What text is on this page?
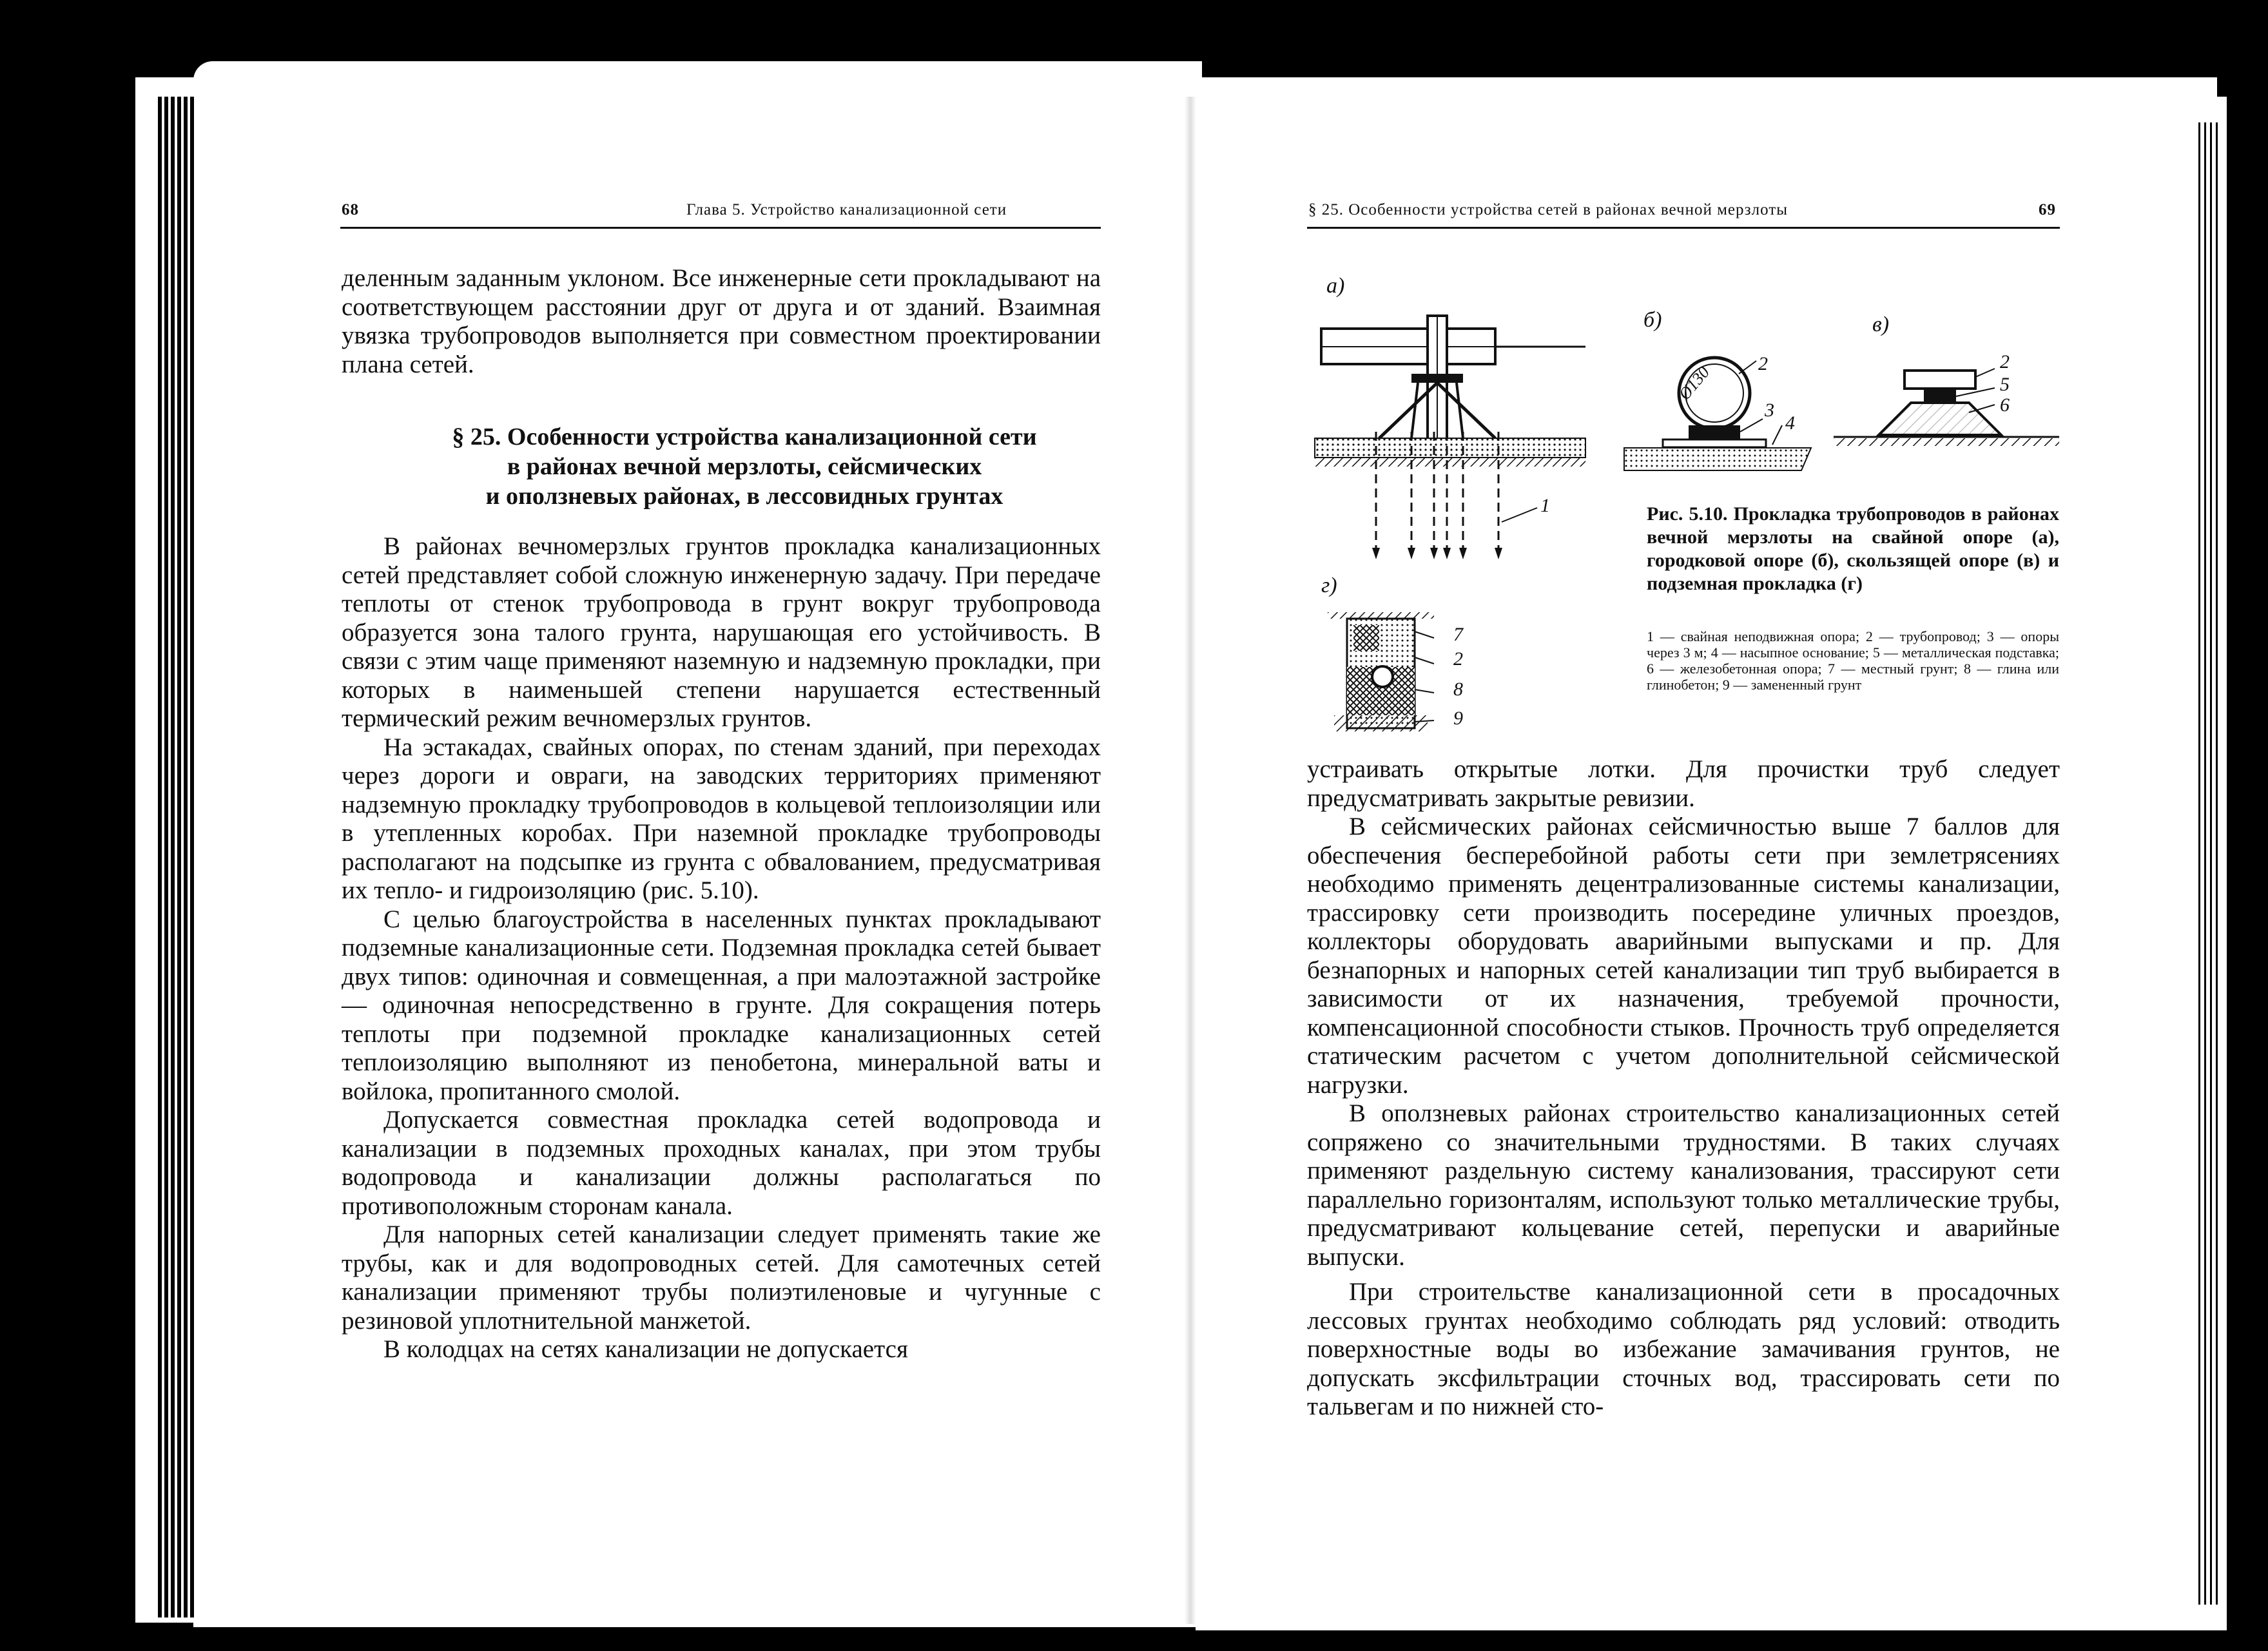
68	Глава 5. Устройство канализационной сети

деленным заданным уклоном. Все инженерные сети прокладывают на соответствующем расстоянии друг от друга и от зданий. Взаимная увязка трубопроводов выполняется при совместном проектировании плана сетей.

§ 25. Особенности устройства канализационной сети
в районах вечной мерзлоты, сейсмических
и оползневых районах, в лессовидных грунтах

В районах вечномерзлых грунтов прокладка канализационных сетей представляет собой сложную инженерную задачу. При передаче теплоты от стенок трубопровода в грунт вокруг трубопровода образуется зона талого грунта, нарушающая его устойчивость. В связи с этим чаще применяют наземную и надземную прокладки, при которых в наименьшей степени нарушается естественный термический режим вечномерзлых грунтов.

На эстакадах, свайных опорах, по стенам зданий, при переходах через дороги и овраги, на заводских территориях применяют надземную прокладку трубопроводов в кольцевой теплоизоляции или в утепленных коробах. При наземной прокладке трубопроводы располагают на подсыпке из грунта с обвалованием, предусматривая их тепло- и гидроизоляцию (рис. 5.10).

С целью благоустройства в населенных пунктах прокладывают подземные канализационные сети. Подземная прокладка сетей бывает двух типов: одиночная и совмещенная, а при малоэтажной застройке — одиночная непосредственно в грунте. Для сокращения потерь теплоты при подземной прокладке канализационных сетей теплоизоляцию выполняют из пенобетона, минеральной ваты и войлока, пропитанного смолой.

Допускается совместная прокладка сетей водопровода и канализации в подземных проходных каналах, при этом трубы водопровода и канализации должны располагаться по противоположным сторонам канала.

Для напорных сетей канализации следует применять такие же трубы, как и для водопроводных сетей. Для самотечных сетей канализации применяют трубы полиэтиленовые и чугунные с резиновой уплотнительной манжетой.

В колодцах на сетях канализации не допускается

§ 25. Особенности устройства сетей в районах вечной мерзлоты	69
а)
б)	в)
г)
1
Ø130 2
3
4
2
5
6
7
2
8
9
Рис. 5.10. Прокладка трубопроводов в районах вечной мерзлоты на свайной опоре (а), городковой опоре (б), скользящей опоре (в) и подземная прокладка (г)
1 — свайная неподвижная опора; 2 — трубопровод; 3 — опоры через 3 м; 4 — насыпное основание; 5 — металлическая подставка; 6 — железобетонная опора; 7 — местный грунт; 8 — глина или глинобетон; 9 — замененный грунт

устраивать открытые лотки. Для прочистки труб следует предусматривать закрытые ревизии.

В сейсмических районах сейсмичностью выше 7 баллов для обеспечения бесперебойной работы сети при землетрясениях необходимо применять децентрализованные системы канализации, трассировку сети производить посередине уличных проездов, коллекторы оборудовать аварийными выпусками и пр. Для безнапорных и напорных сетей канализации тип труб выбирается в зависимости от их назначения, требуемой прочности, компенсационной способности стыков. Прочность труб определяется статическим расчетом с учетом дополнительной сейсмической нагрузки.

В оползневых районах строительство канализационных сетей сопряжено со значительными трудностями. В таких случаях применяют раздельную систему канализования, трассируют сети параллельно горизонталям, используют только металлические трубы, предусматривают кольцевание сетей, перепуски и аварийные выпуски.

При строительстве канализационной сети в просадочных лессовых грунтах необходимо соблюдать ряд условий: отводить поверхностные воды во избежание замачивания грунтов, не допускать эксфильтрации сточных вод, трассировать сети по тальвегам и по нижней сто-
